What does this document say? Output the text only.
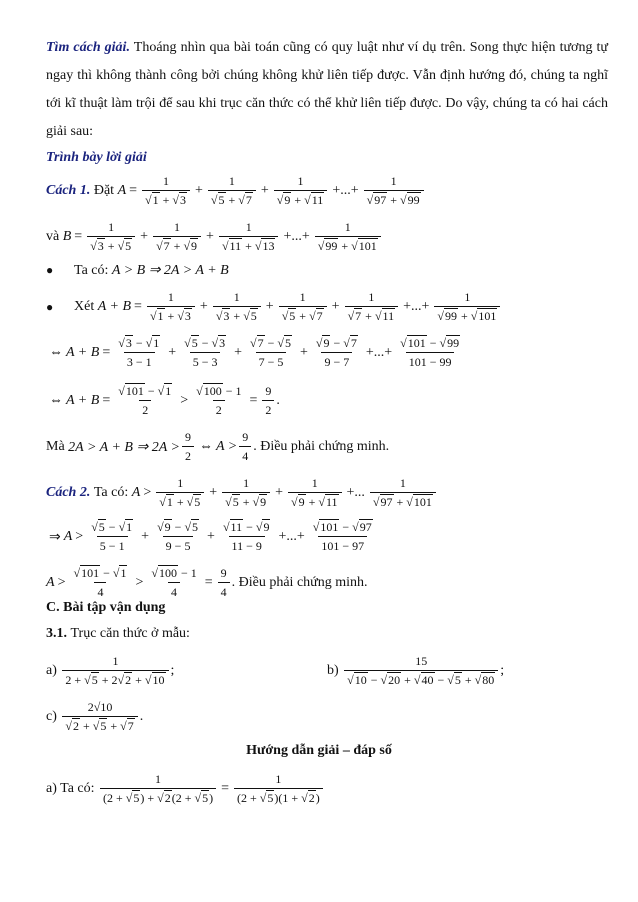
Tìm cách giải. Thoáng nhìn qua bài toán cũng có quy luật như ví dụ trên. Song thực hiện tương tự ngay thì không thành công bởi chúng không khử liên tiếp được. Vẫn định hướng đó, chúng ta nghĩ tới kĩ thuật làm trội để sau khi trục căn thức có thể khử liên tiếp được. Do vậy, chúng ta có hai cách giải sau:
Trình bày lời giải
Cách 1.
Đặt
A = 1
√ 1 + √ 3 + 1
√ 5 + √ 7 + 1
√ 9 + √ 11 +...+ 1
√ 97 + √ 99
và
B = 1
√ 3 + √ 5 + 1
√ 7 + √ 9 + 1
√ 11 + √ 13 +...+ 1
√ 99 + √ 101
●	Ta có:
A > B ⇒ 2A > A + B
●	Xét
A + B = 1
√ 1 + √ 3 + 1
√ 3 + √ 5 + 1
√ 5 + √ 7 + 1
√ 7 + √ 11 +...+ 1
√ 99 + √ 101
⇔ A + B = √ $\frac{3 - √ 1}{3 - 1}$ + √ $\frac{5 - √ 3}{5 - 3}$ + √ $\frac{7 - √ 5}{7 - 5}$ + √ $\frac{9 - √ 7}{9 - 7}$ +...+ √ $\frac{101 - √ 99}{101 - 99}$
⇔ A + B = √ $\frac{101 - √ 1}{2}$ > √ $\frac{100 - 1}{2} = \frac{9}{2}$ .
Mà
2A > A + B ⇒ $2A > \frac{9}{2}$ ⇔ $A > \frac{9}{4}$ . Điều phải chứng minh.
Cách 2.
Ta có:
A > 1
√ 1 + √ 5 + 1
√ 5 + √ 9 + 1
√ 9 + √ 11 +... 1
√ 97 + √ 101
⇒ A > √ $\frac{5 - √ 1}{5 - 1}$ + √ $\frac{9 - √ 5}{9 - 5}$ + √ $\frac{11 - √ 9}{11 - 9}$ +...+ √ $\frac{101 - √ 97}{101 - 97}$
A > √ $\frac{101 - √ 1}{4}$ > √ $\frac{100 - 1}{4} = \frac{9}{4}$ . Điều phải chứng minh.
C. Bài tập vận dụng
3.1.
Trục căn thức ở mẫu:
a)
$\frac{1}{2 + √ 5 + 2 √ 2 + √ 10}$ ;	b)
15
√ 10 − √ 20 + √ 40 − √ 5 + √ 80 ;
c)
2√10
√ 2 + √ 5 + √ 7 .
Hướng dẫn giải – đáp số
a) Ta có:
$\frac{1}{(2 + √ 5) + √ 2(2 + √ 5)} = \frac{1}{(2 + √ 5)(1 + √ 2)}$
